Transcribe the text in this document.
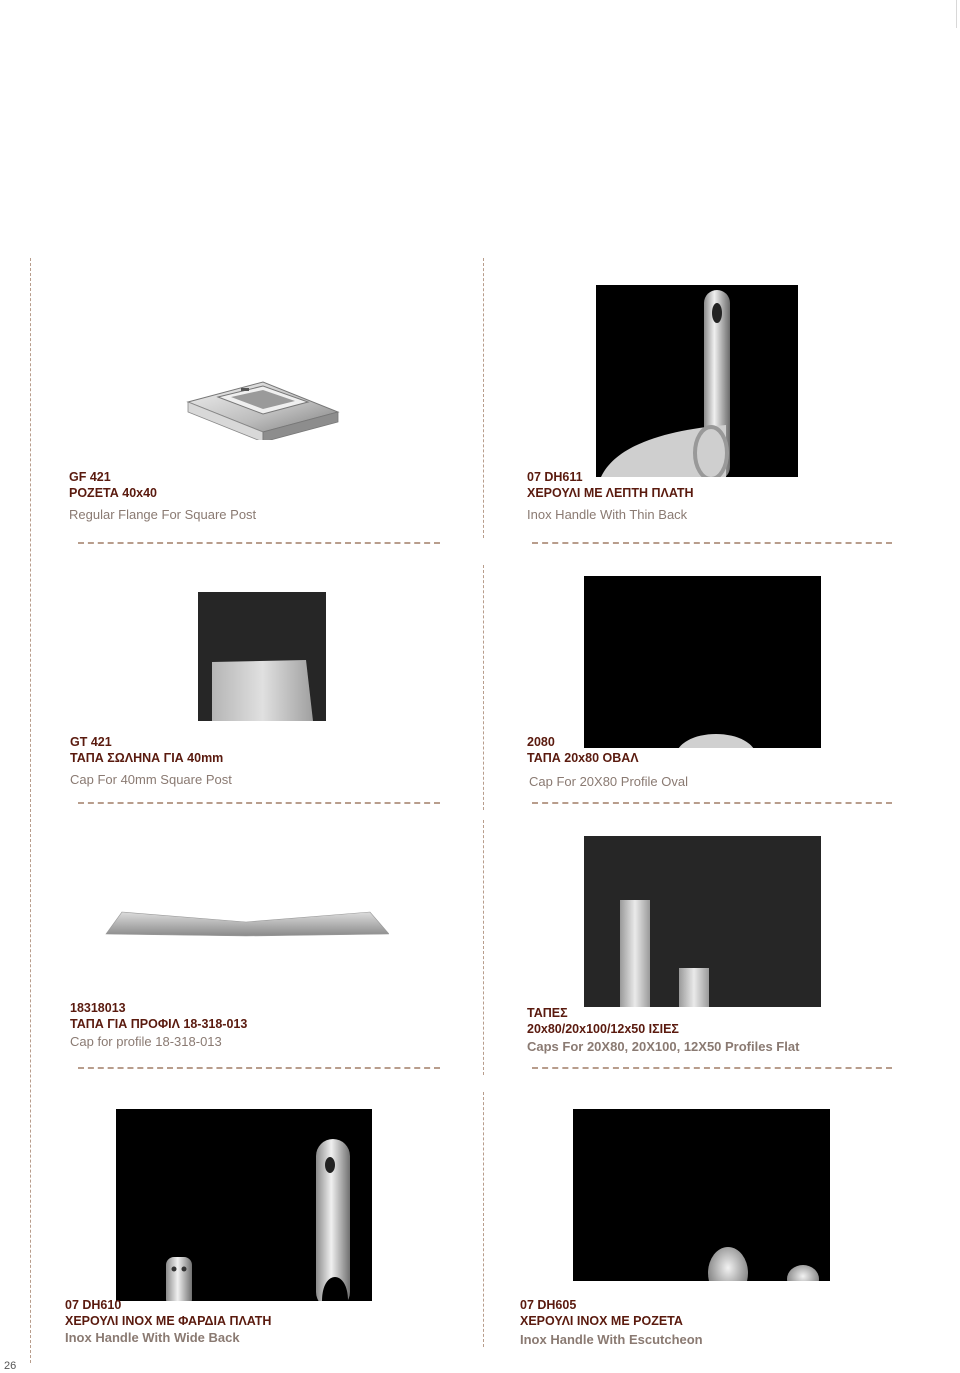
GF 421
ΡΟΖΕΤΑ 40x40
Regular Flange For Square Post
07 DH611
ΧΕΡΟΥΛΙ ΜΕ ΛΕΠΤΗ ΠΛΑΤΗ
Inox Handle With Thin Back
GT 421
ΤΑΠΑ ΣΩΛΗΝΑ ΓΙΑ 40mm
Cap For 40mm Square Post
2080
ΤΑΠΑ 20x80 ΟΒΑΛ
Cap For 20X80 Profile Oval
18318013
ΤΑΠΑ ΓΙΑ ΠΡΟΦΙΛ 18-318-013
Cap for profile 18-318-013
ΤΑΠΕΣ
20x80/20x100/12x50 ΙΣΙΕΣ
Caps For 20X80, 20X100, 12X50 Profiles Flat
07 DH610
ΧΕΡΟΥΛΙ INOX ΜΕ ΦΑΡΔΙΑ ΠΛΑΤΗ
Inox Handle With Wide Back
07 DH605
ΧΕΡΟΥΛΙ INOX ΜΕ ΡΟΖΕΤΑ
Inox Handle With Escutcheon
26
